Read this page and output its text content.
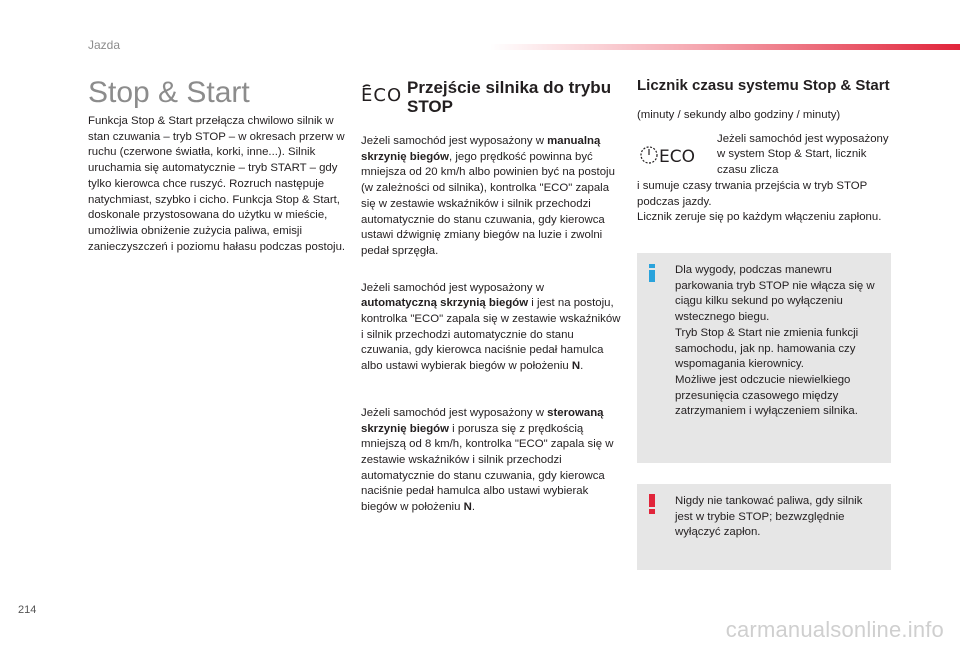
Jazda
Stop & Start

Funkcja Stop & Start przełącza chwilowo silnik w stan czuwania – tryb STOP – w okresach przerw w ruchu (czerwone światła, korki, inne...). Silnik uruchamia się automatycznie – tryb START – gdy tylko kierowca chce ruszyć. Rozruch następuje natychmiast, szybko i cicho. Funkcja Stop & Start, doskonale przystosowana do użytku w mieście, umożliwia obniżenie zużycia paliwa, emisji zanieczyszczeń i poziomu hałasu podczas postoju.

ECO Przejście silnika do trybu STOP

Jeżeli samochód jest wyposażony w manualną skrzynię biegów, jego prędkość powinna być mniejsza od 20 km/h albo powinien być na postoju (w zależności od silnika), kontrolka "ECO" zapala się w zestawie wskaźników i silnik przechodzi automatycznie do stanu czuwania, gdy kierowca ustawi dźwignię zmiany biegów na luzie i zwolni pedał sprzęgła.

Jeżeli samochód jest wyposażony w automatyczną skrzynią biegów i jest na postoju, kontrolka "ECO" zapala się w zestawie wskaźników i silnik przechodzi automatycznie do stanu czuwania, gdy kierowca naciśnie pedał hamulca albo ustawi wybierak biegów w położeniu N.

Jeżeli samochód jest wyposażony w sterowaną skrzynię biegów i porusza się z prędkością mniejszą od 8 km/h, kontrolka "ECO" zapala się w zestawie wskaźników i silnik przechodzi automatycznie do stanu czuwania, gdy kierowca naciśnie pedał hamulca albo ustawi wybierak biegów w położeniu N.

Licznik czasu systemu Stop & Start

(minuty / sekundy albo godziny / minuty)

ECO

Jeżeli samochód jest wyposażony w system Stop & Start, licznik czasu zlicza

i sumuje czasy trwania przejścia w tryb STOP podczas jazdy.

Licznik zeruje się po każdym włączeniu zapłonu.

Dla wygody, podczas manewru parkowania tryb STOP nie włącza się w ciągu kilku sekund po wyłączeniu wstecznego biegu.

Tryb Stop & Start nie zmienia funkcji samochodu, jak np. hamowania czy wspomagania kierownicy.

Możliwe jest odczucie niewielkiego przesunięcia czasowego między zatrzymaniem i wyłączeniem silnika.

Nigdy nie tankować paliwa, gdy silnik jest w trybie STOP; bezwzględnie wyłączyć zapłon.
214
carmanualsonline.info
